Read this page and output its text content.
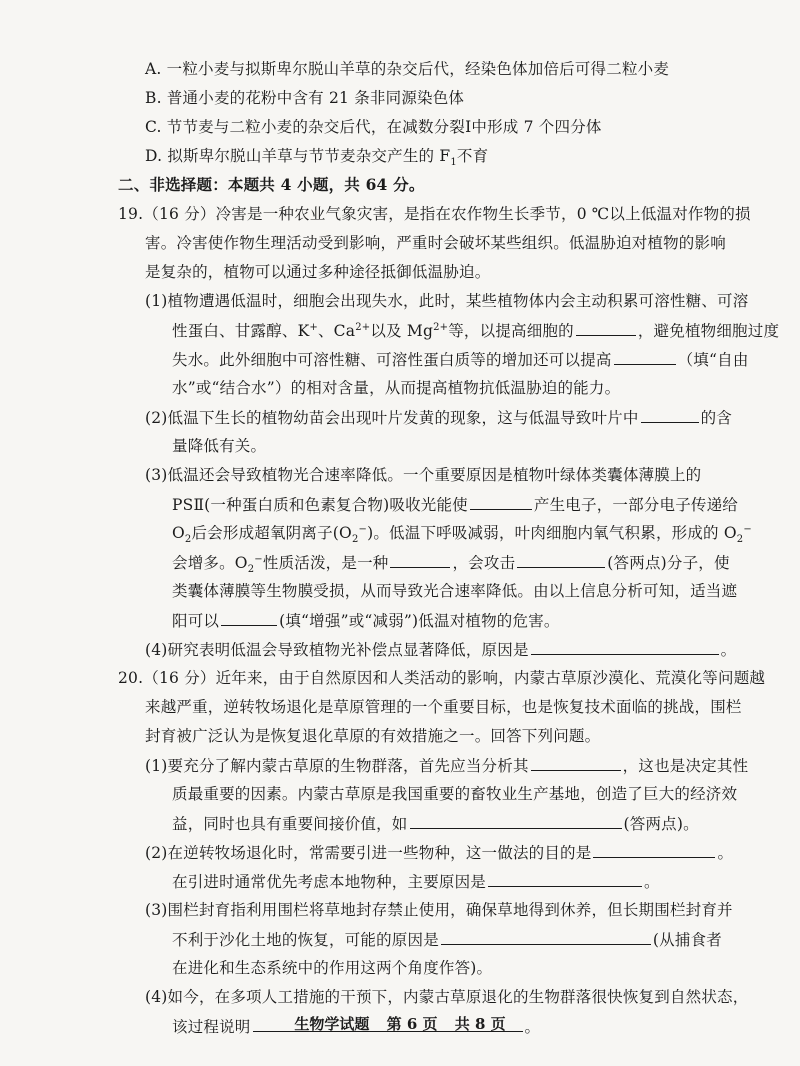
A. 一粒小麦与拟斯卑尔脱山羊草的杂交后代，经染色体加倍后可得二粒小麦
B. 普通小麦的花粉中含有 21 条非同源染色体
C. 节节麦与二粒小麦的杂交后代，在减数分裂Ⅰ中形成 7 个四分体
D. 拟斯卑尔脱山羊草与节节麦杂交产生的 $F_1$不育
二、非选择题：本题共 4 小题，共 64 分。
19.（16 分）冷害是一种农业气象灾害，是指在农作物生长季节，0 ℃以上低温对作物的损
害。冷害使作物生理活动受到影响，严重时会破坏某些组织。低温胁迫对植物的影响
是复杂的，植物可以通过多种途径抵御低温胁迫。
(1)植物遭遇低温时，细胞会出现失水，此时，某些植物体内会主动积累可溶性糖、可溶
性蛋白、甘露醇、K+、$Ca^{2+}$以及 $Mg^{2+}$等，以提高细胞的	，避免植物细胞过度
失水。此外细胞中可溶性糖、可溶性蛋白质等的增加还可以提高	（填“自由
水”或“结合水”）的相对含量，从而提高植物抗低温胁迫的能力。
(2)低温下生长的植物幼苗会出现叶片发黄的现象，这与低温导致叶片中	的含
量降低有关。
(3)低温还会导致植物光合速率降低。一个重要原因是植物叶绿体类囊体薄膜上的
PSⅡ(一种蛋白质和色素复合物)吸收光能使	产生电子，一部分电子传递给
$O_2$后会形成超氧阴离子$(O_2^-)$。低温下呼吸减弱，叶肉细胞内氧气积累，形成的 $O_2^-$
会增多。$O_2^-$性质活泼，是一种	，会攻击	(答两点)分子，使
类囊体薄膜等生物膜受损，从而导致光合速率降低。由以上信息分析可知，适当遮
阳可以	(填“增强”或“减弱”)低温对植物的危害。
(4)研究表明低温会导致植物光补偿点显著降低，原因是	。
20.（16 分）近年来，由于自然原因和人类活动的影响，内蒙古草原沙漠化、荒漠化等问题越
来越严重，逆转牧场退化是草原管理的一个重要目标，也是恢复技术面临的挑战，围栏
封育被广泛认为是恢复退化草原的有效措施之一。回答下列问题。
(1)要充分了解内蒙古草原的生物群落，首先应当分析其	，这也是决定其性
质最重要的因素。内蒙古草原是我国重要的畜牧业生产基地，创造了巨大的经济效
益，同时也具有重要间接价值，如	(答两点)。
(2)在逆转牧场退化时，常需要引进一些物种，这一做法的目的是	。
在引进时通常优先考虑本地物种，主要原因是	。
(3)围栏封育指利用围栏将草地封存禁止使用，确保草地得到休养，但长期围栏封育并
不利于沙化土地的恢复，可能的原因是	(从捕食者
在进化和生态系统中的作用这两个角度作答)。
(4)如今，在多项人工措施的干预下，内蒙古草原退化的生物群落很快恢复到自然状态，
该过程说明	。
生物学试题 第 6 页 共 8 页
